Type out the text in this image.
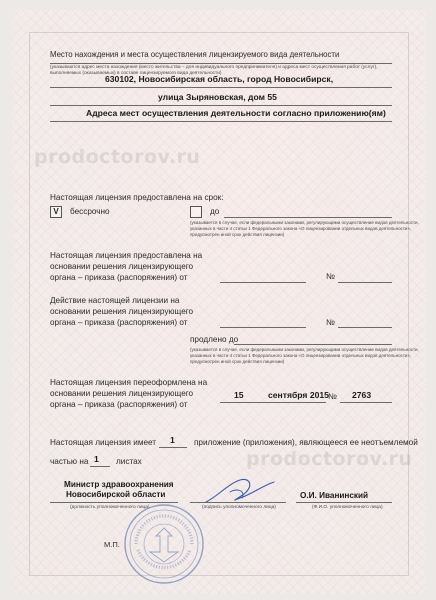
prodoctorov.ru
prodoctorov.ru
Место нахождения и места осуществления лицензируемого вида деятельности
(указываются адрес места нахождения (место жительства – для индивидуального предпринимателя) и адреса мест осуществления работ (услуг),
выполняемых (оказываемых) в составе лицензируемого вида деятельности)
630102, Новосибирская область, город Новосибирск,
улица Зыряновская, дом 55
Адреса мест осуществления деятельности согласно приложению(ям)
Настоящая лицензия предоставлена на срок:
V	бессрочно	до
(указывается в случае, если федеральными законами, регулирующими осуществление видов деятельности,
указанных в части 4 статьи 1 Федерального закона «О лицензировании отдельных видов деятельности»,
предусмотрен иной срок действия лицензии)
Настоящая лицензия предоставлена на
основании решения лицензирующего
органа – приказа (распоряжения) от	№
Действие настоящей лицензии на
основании решения лицензирующего
органа – приказа (распоряжения) от	№
продлено до
(указывается в случае, если федеральными законами, регулирующими осуществление видов деятельности,
указанных в части 4 статьи 1 Федерального закона «О лицензировании отдельных видов деятельности»,
предусмотрен иной срок действия лицензии)
Настоящая лицензия переоформлена на
основании решения лицензирующего
органа – приказа (распоряжения) от
15	сентября 2015 № 2763
Настоящая лицензия имеет 1 приложение (приложения), являющееся ее неотъемлемой
частью на 1 листах
Министр здравоохранения
Новосибирской области	О.И. Иванинский
(должность уполномоченного лица)	(подпись уполномоченного лица)	(Ф.И.О. уполномоченного лица)
М.П.
